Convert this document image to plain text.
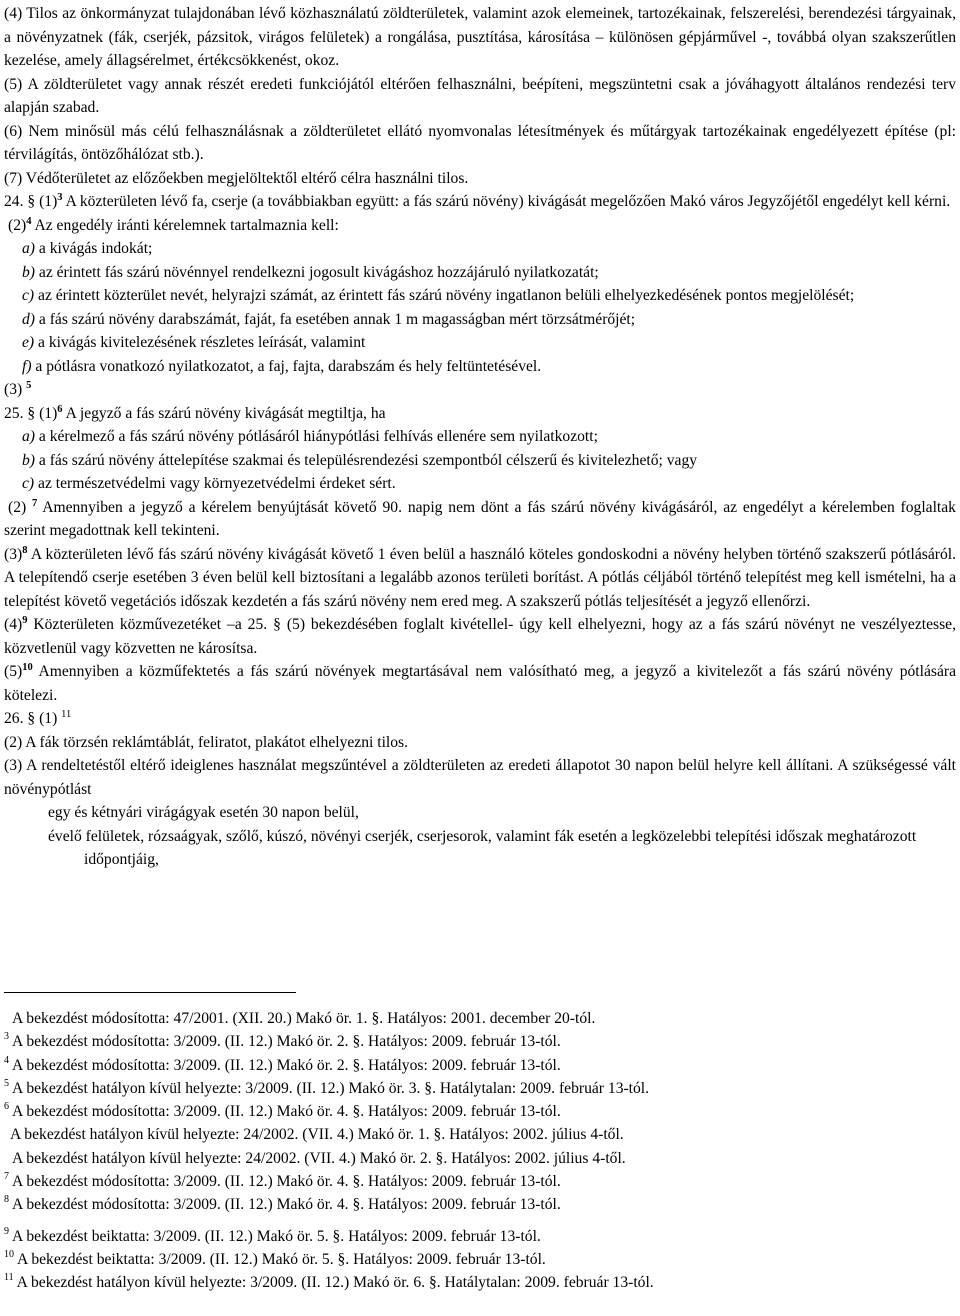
(4) Tilos az önkormányzat tulajdonában lévő közhasználatú zöldterületek, valamint azok elemeinek, tartozékainak, felszerelési, berendezési tárgyainak, a növényzatnek (fák, cserjék, pázsitok, virágos felületek) a rongálása, pusztítása, károsítása – különösen gépjárművel -, továbbá olyan szakszerűtlen kezelése, amely állagsérelmet, értékcsökkenést, okoz.

(5) A zöldterületet vagy annak részét eredeti funkciójától eltérően felhasználni, beépíteni, megszüntetni csak a jóváhagyott általános rendezési terv alapján szabad.

(6) Nem minősül más célú felhasználásnak a zöldterületet ellátó nyomvonalas létesítmények és műtárgyak tartozékainak engedélyezett építése (pl: térvilágítás, öntözőhálózat stb.).

(7) Védőterületet az előzőekben megjelöltektől eltérő célra használni tilos.

24. § $(1)^3$ A közterületen lévő fa, cserje (a továbbiakban együtt: a fás szárú növény) kivágását megelőzően Makó város Jegyzőjétől engedélyt kell kérni.

$(2)^4$ Az engedély iránti kérelemnek tartalmaznia kell:

a) a kivágás indokát;

b) az érintett fás szárú növénnyel rendelkezni jogosult kivágáshoz hozzájáruló nyilatkozatát;

c) az érintett közterület nevét, helyrajzi számát, az érintett fás szárú növény ingatlanon belüli elhelyezkedésének pontos megjelölését;

d) a fás szárú növény darabszámát, faját, fa esetében annak 1 m magasságban mért törzsátmérőjét;

e) a kivágás kivitelezésének részletes leírását, valamint

f) a pótlásra vonatkozó nyilatkozatot, a faj, fajta, darabszám és hely feltüntetésével.

(3) $^5$

25. § $(1)^6$ A jegyző a fás szárú növény kivágását megtiltja, ha

a) a kérelmező a fás szárú növény pótlásáról hiánypótlási felhívás ellenére sem nyilatkozott;

b) a fás szárú növény áttelepítése szakmai és településrendezési szempontból célszerű és kivitelezhető; vagy

c) az természetvédelmi vagy környezetvédelmi érdeket sért.

(2) $^7$ Amennyiben a jegyző a kérelem benyújtását követő 90. napig nem dönt a fás szárú növény kivágásáról, az engedélyt a kérelemben foglaltak szerint megadottnak kell tekinteni.

$(3)^8$ A közterületen lévő fás szárú növény kivágását követő 1 éven belül a használó köteles gondoskodni a növény helyben történő szakszerű pótlásáról. A telepítendő cserje esetében 3 éven belül kell biztosítani a legalább azonos területi borítást. A pótlás céljából történő telepítést meg kell ismételni, ha a telepítést követő vegetációs időszak kezdetén a fás szárú növény nem ered meg. A szakszerű pótlás teljesítését a jegyző ellenőrzi.

$(4)^9$ Közterületen közművezetéket –a 25. § (5) bekezdésében foglalt kivétellel- úgy kell elhelyezni, hogy az a fás szárú növényt ne veszélyeztesse, közvetlenül vagy közvetten ne károsítsa.

$(5)^{10}$ Amennyiben a közműfektetés a fás szárú növények megtartásával nem valósítható meg, a jegyző a kivitelezőt a fás szárú növény pótlására kötelezi.

26. § (1) $^{11}$

(2) A fák törzsén reklámtáblát, feliratot, plakátot elhelyezni tilos.

(3) A rendeltetéstől eltérő ideiglenes használat megszűntével a zöldterületen az eredeti állapotot 30 napon belül helyre kell állítani. A szükségessé vált növénypótlást

egy és kétnyári virágágyak esetén 30 napon belül,

évelő felületek, rózsaágyak, szőlő, kúszó, növényi cserjék, cserjesorok, valamint fák esetén a legközelebbi telepítési időszak meghatározott időpontjáig,

A bekezdést módosította: 47/2001. (XII. 20.) Makó ör. 1. §. Hatályos: 2001. december 20-tól.

$^3$ A bekezdést módosította: 3/2009. (II. 12.) Makó ör. 2. §. Hatályos: 2009. február 13-tól.

$^4$ A bekezdést módosította: 3/2009. (II. 12.) Makó ör. 2. §. Hatályos: 2009. február 13-tól.

$^5$ A bekezdést hatályon kívül helyezte: 3/2009. (II. 12.) Makó ör. 3. §. Hatálytalan: 2009. február 13-tól.

$^6$ A bekezdést módosította: 3/2009. (II. 12.) Makó ör. 4. §. Hatályos: 2009. február 13-tól.

A bekezdést hatályon kívül helyezte: 24/2002. (VII. 4.) Makó ör. 1. §. Hatályos: 2002. július 4-től.

A bekezdést hatályon kívül helyezte: 24/2002. (VII. 4.) Makó ör. 2. §. Hatályos: 2002. július 4-től.

$^7$ A bekezdést módosította: 3/2009. (II. 12.) Makó ör. 4. §. Hatályos: 2009. február 13-tól.

$^8$ A bekezdést módosította: 3/2009. (II. 12.) Makó ör. 4. §. Hatályos: 2009. február 13-tól.

$^9$ A bekezdést beiktatta: 3/2009. (II. 12.) Makó ör. 5. §. Hatályos: 2009. február 13-tól.

$^{10}$ A bekezdést beiktatta: 3/2009. (II. 12.) Makó ör. 5. §. Hatályos: 2009. február 13-tól.

$^{11}$ A bekezdést hatályon kívül helyezte: 3/2009. (II. 12.) Makó ör. 6. §. Hatálytalan: 2009. február 13-tól.
